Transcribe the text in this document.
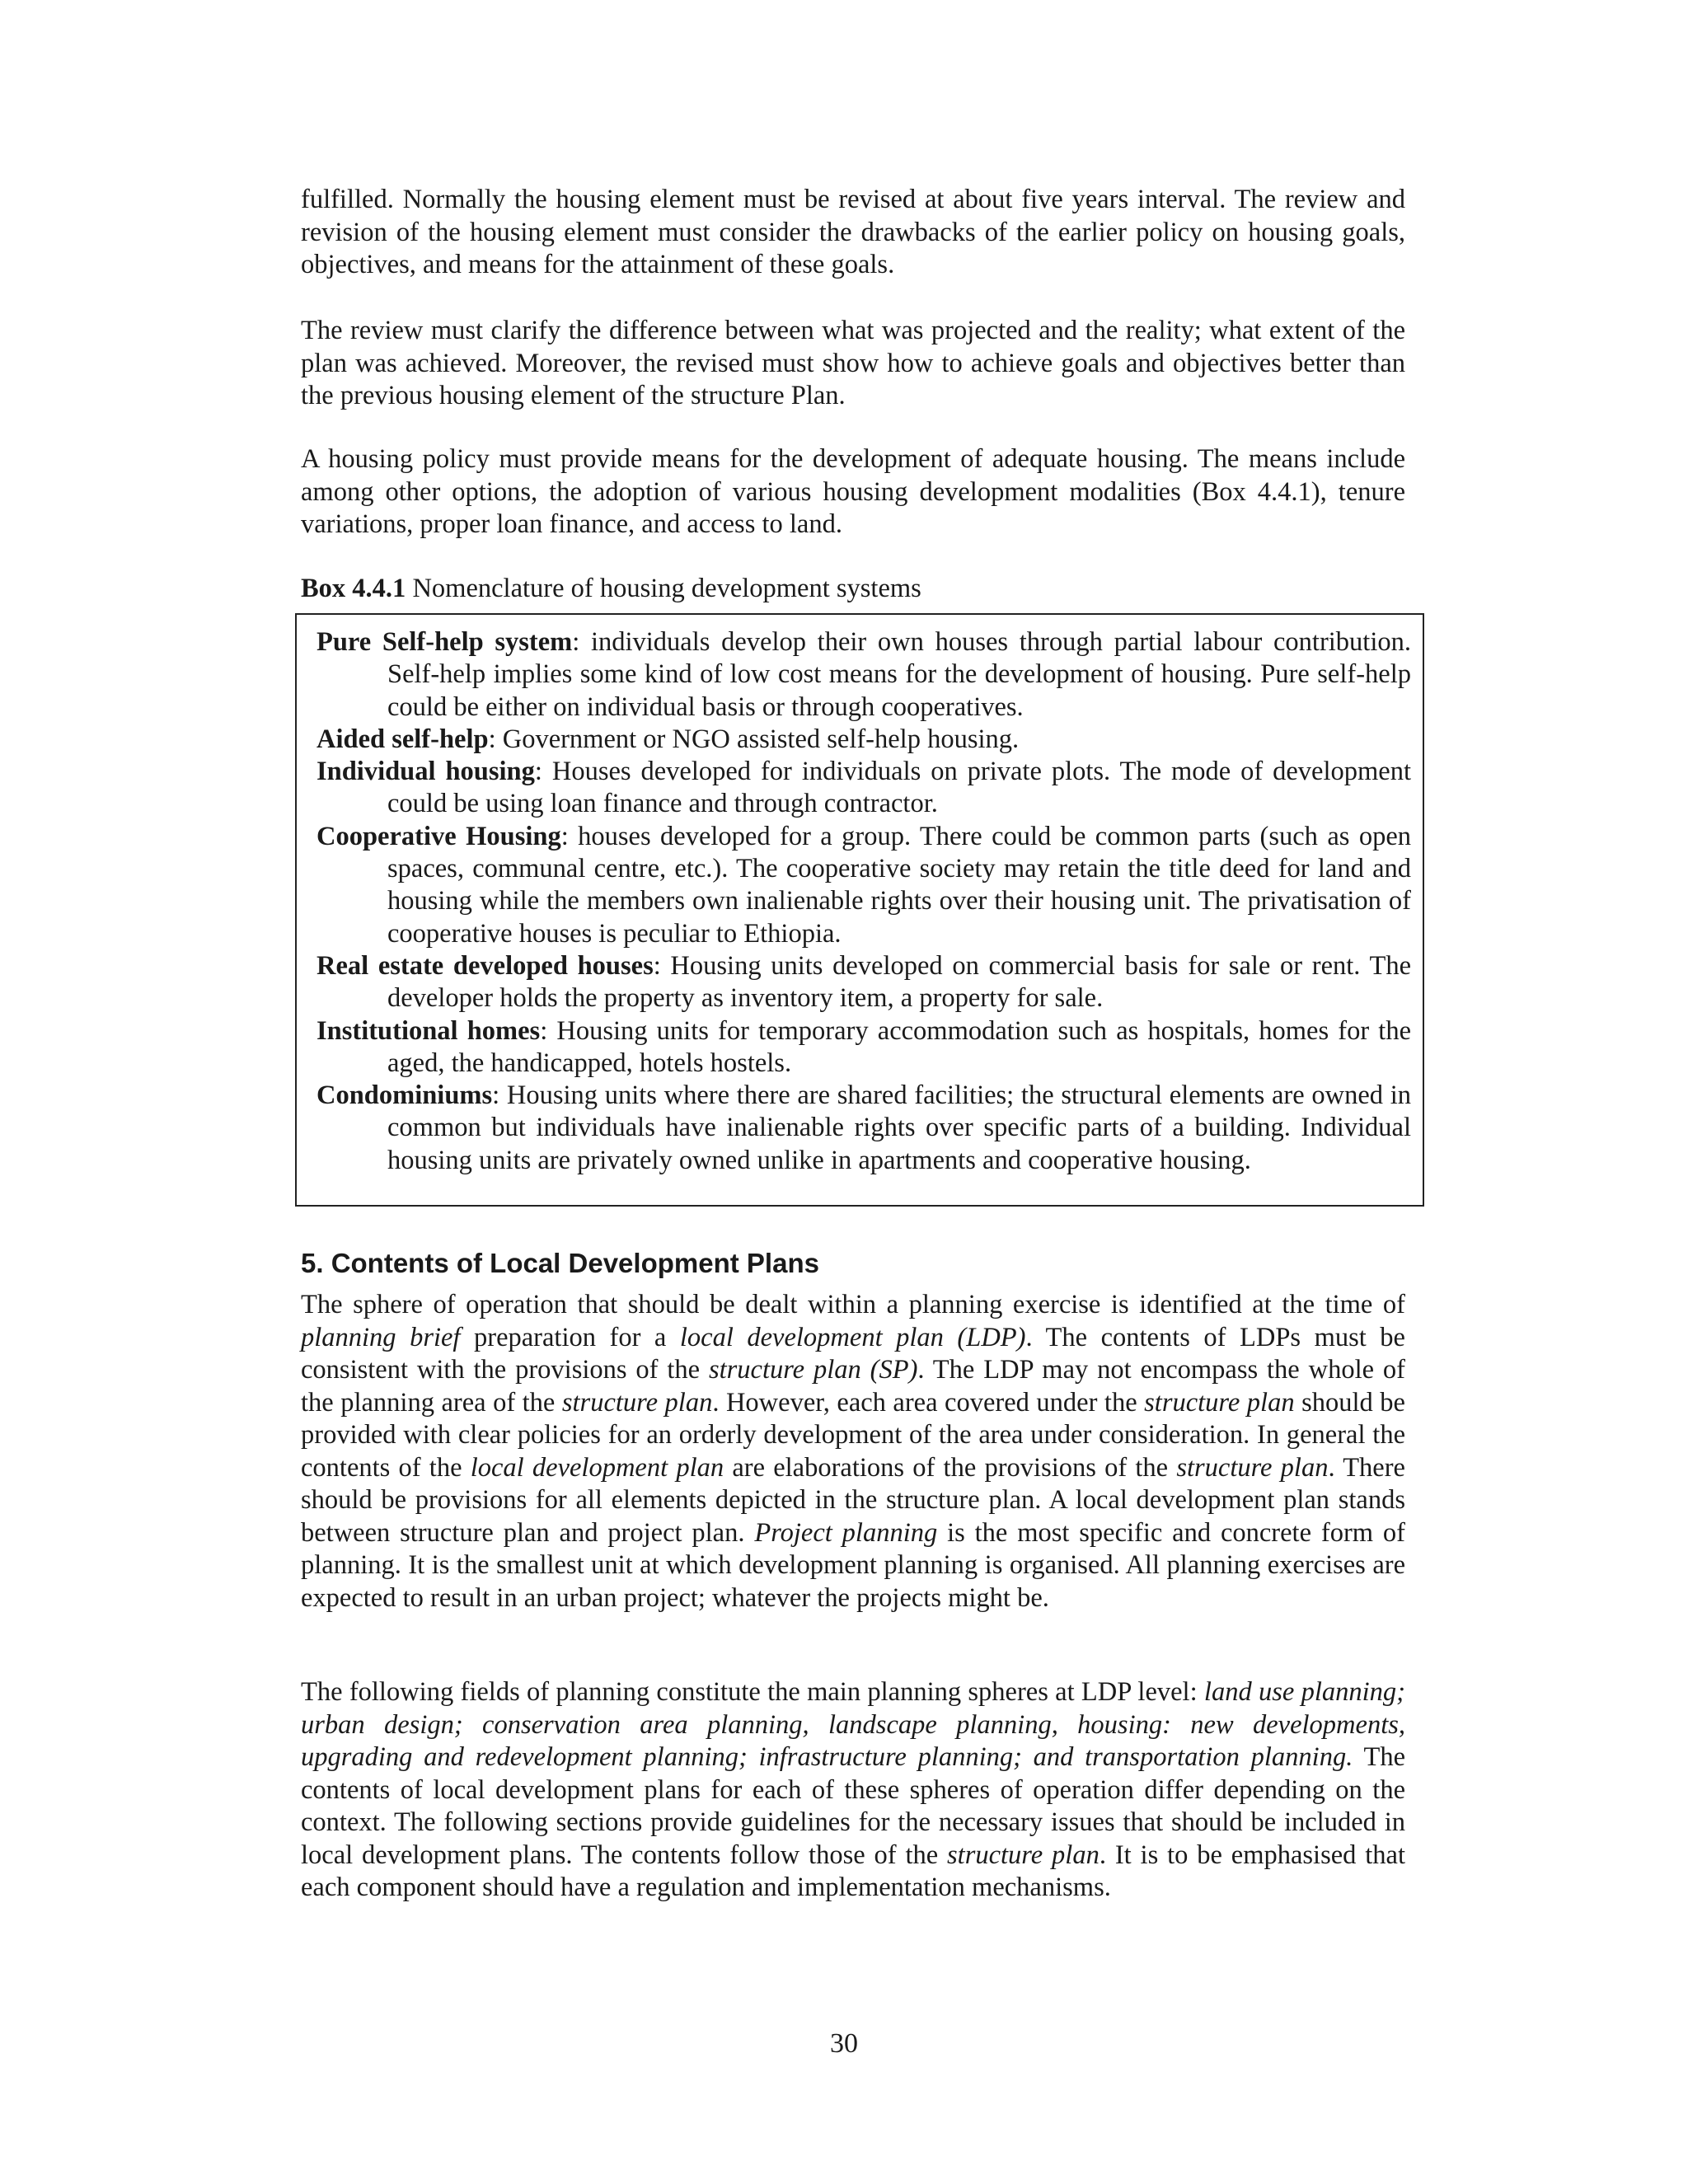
fulfilled. Normally the housing element must be revised at about five years interval. The review and revision of the housing element must consider the drawbacks of the earlier policy on housing goals, objectives, and means for the attainment of these goals.

The review must clarify the difference between what was projected and the reality; what extent of the plan was achieved. Moreover, the revised must show how to achieve goals and objectives better than the previous housing element of the structure Plan.

A housing policy must provide means for the development of adequate housing. The means include among other options, the adoption of various housing development modalities (Box 4.4.1), tenure variations, proper loan finance, and access to land.

Box 4.4.1 Nomenclature of housing development systems

Pure Self-help system: individuals develop their own houses through partial labour contribution. Self-help implies some kind of low cost means for the development of housing. Pure self-help could be either on individual basis or through cooperatives.

Aided self-help: Government or NGO assisted self-help housing.

Individual housing: Houses developed for individuals on private plots. The mode of development could be using loan finance and through contractor.

Cooperative Housing: houses developed for a group. There could be common parts (such as open spaces, communal centre, etc.). The cooperative society may retain the title deed for land and housing while the members own inalienable rights over their housing unit. The privatisation of cooperative houses is peculiar to Ethiopia.

Real estate developed houses: Housing units developed on commercial basis for sale or rent. The developer holds the property as inventory item, a property for sale.

Institutional homes: Housing units for temporary accommodation such as hospitals, homes for the aged, the handicapped, hotels hostels.

Condominiums: Housing units where there are shared facilities; the structural elements are owned in common but individuals have inalienable rights over specific parts of a building. Individual housing units are privately owned unlike in apartments and cooperative housing.

5. Contents of Local Development Plans

The sphere of operation that should be dealt within a planning exercise is identified at the time of planning brief preparation for a local development plan (LDP). The contents of LDPs must be consistent with the provisions of the structure plan (SP). The LDP may not encompass the whole of the planning area of the structure plan. However, each area covered under the structure plan should be provided with clear policies for an orderly development of the area under consideration. In general the contents of the local development plan are elaborations of the provisions of the structure plan. There should be provisions for all elements depicted in the structure plan. A local development plan stands between structure plan and project plan. Project planning is the most specific and concrete form of planning. It is the smallest unit at which development planning is organised. All planning exercises are expected to result in an urban project; whatever the projects might be.

The following fields of planning constitute the main planning spheres at LDP level: land use planning; urban design; conservation area planning, landscape planning, housing: new developments, upgrading and redevelopment planning; infrastructure planning; and transportation planning. The contents of local development plans for each of these spheres of operation differ depending on the context. The following sections provide guidelines for the necessary issues that should be included in local development plans. The contents follow those of the structure plan. It is to be emphasised that each component should have a regulation and implementation mechanisms.

30
